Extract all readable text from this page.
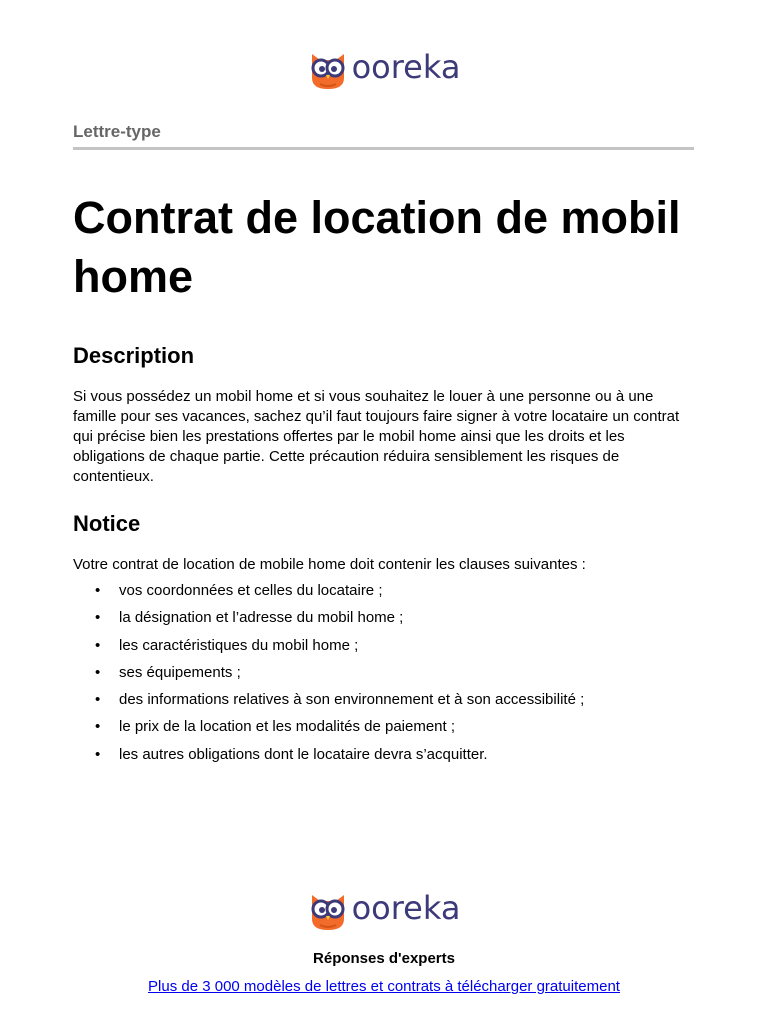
ooreka
Lettre-type
Contrat de location de mobil home
Description

Si vous possédez un mobil home et si vous souhaitez le louer à une personne ou à une famille pour ses vacances, sachez qu’il faut toujours faire signer à votre locataire un contrat qui précise bien les prestations offertes par le mobil home ainsi que les droits et les obligations de chaque partie. Cette précaution réduira sensiblement les risques de contentieux.

Notice

Votre contrat de location de mobile home doit contenir les clauses suivantes :

• vos coordonnées et celles du locataire ;
• la désignation et l’adresse du mobil home ;
• les caractéristiques du mobil home ;
• ses équipements ;
• des informations relatives à son environnement et à son accessibilité ;
• le prix de la location et les modalités de paiement ;
• les autres obligations dont le locataire devra s’acquitter.
ooreka
Réponses d'experts
Plus de 3 000 modèles de lettres et contrats à télécharger gratuitement
